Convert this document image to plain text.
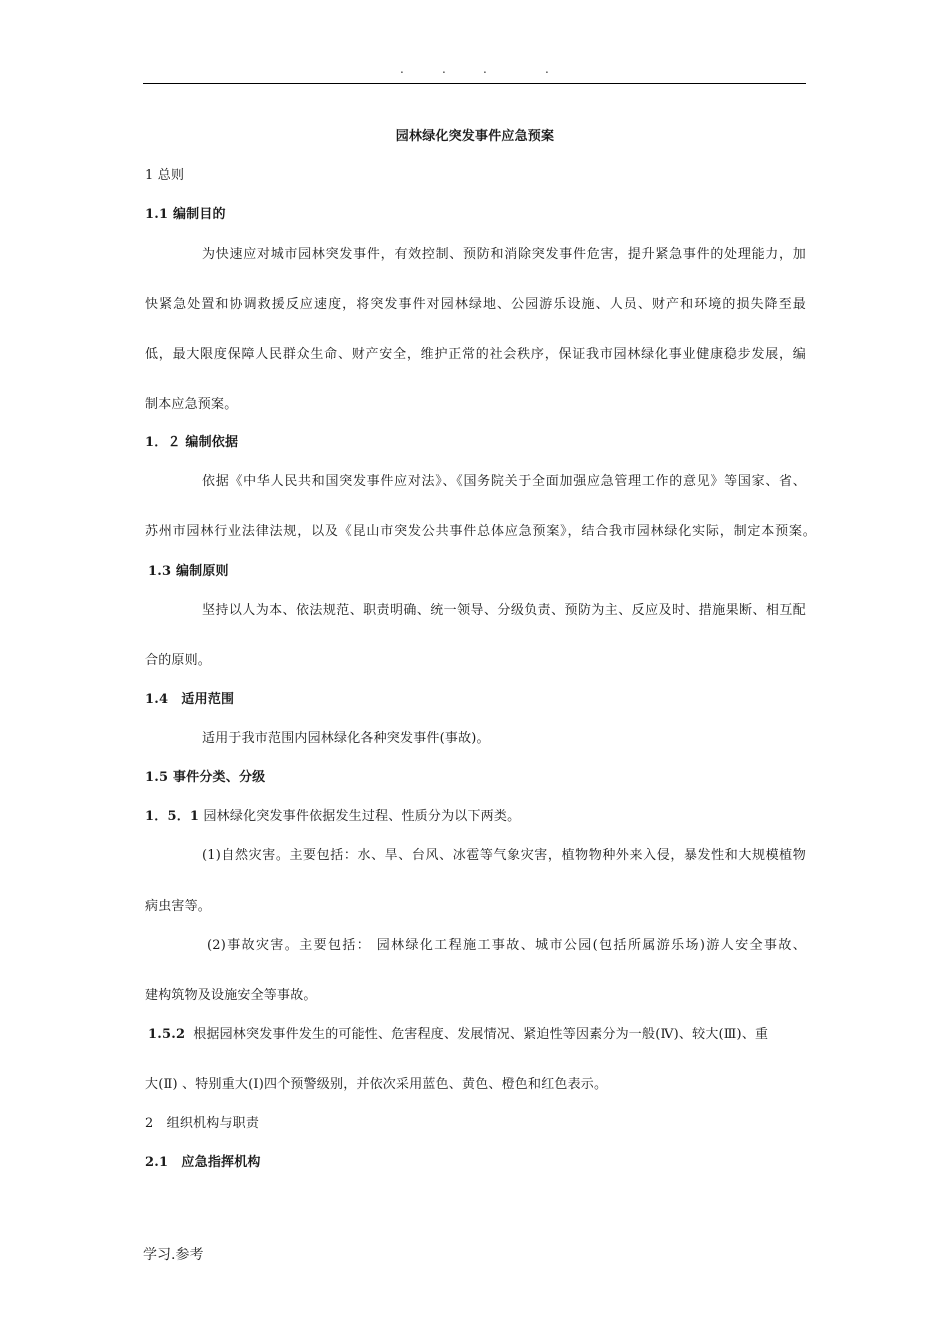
.	.	.	.
园林绿化突发事件应急预案
1 总则
1.1 编制目的
为快速应对城市园林突发事件，有效控制、预防和消除突发事件危害，提升紧急事件的处理能力，加
快紧急处置和协调救援反应速度，将突发事件对园林绿地、公园游乐设施、人员、财产和环境的损失降至最
低，最大限度保障人民群众生命、财产安全，维护正常的社会秩序，保证我市园林绿化事业健康稳步发展，编
制本应急预案。
1．２ 编制依据
依据《中华人民共和国突发事件应对法》、《国务院关于全面加强应急管理工作的意见》等国家、省、
苏州市园林行业法律法规，以及《昆山市突发公共事件总体应急预案》，结合我市园林绿化实际，制定本预案。
1.3 编制原则
坚持以人为本、依法规范、职责明确、统一领导、分级负责、预防为主、反应及时、措施果断、相互配
合的原则。
1.4　适用范围
适用于我市范围内园林绿化各种突发事件(事故)。
1.5 事件分类、分级
1．5．1 园林绿化突发事件依据发生过程、性质分为以下两类。
(1)自然灾害。主要包括：水、旱、台风、冰雹等气象灾害，植物物种外来入侵，暴发性和大规模植物
病虫害等。
(2)事故灾害。主要包括： 园林绿化工程施工事故、城市公园(包括所属游乐场)游人安全事故、
建构筑物及设施安全等事故。
1.5.2 根据园林突发事件发生的可能性、危害程度、发展情况、紧迫性等因素分为一般(Ⅳ)、较大(Ⅲ)、重
大(Ⅱ) 、特别重大(Ⅰ)四个预警级别，并依次采用蓝色、黄色、橙色和红色表示。
2　组织机构与职责
2.1　应急指挥机构
学习.参考
